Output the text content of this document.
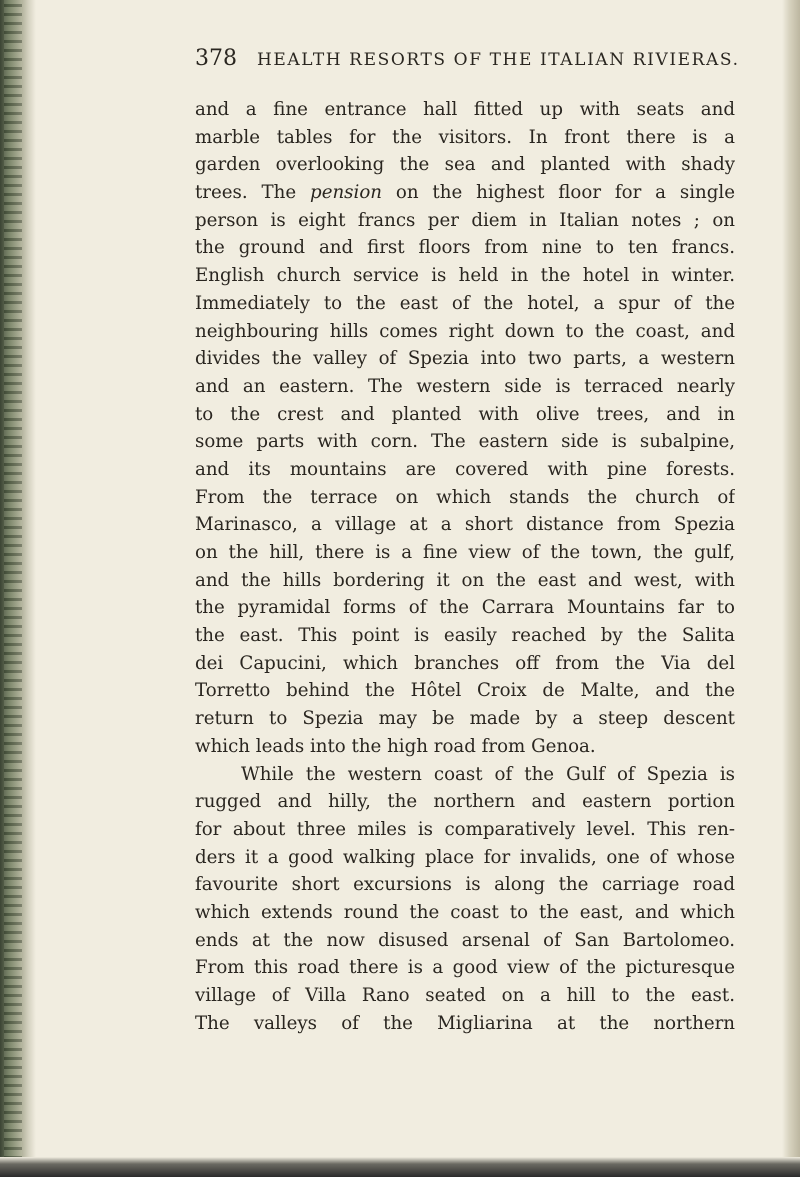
378 HEALTH RESORTS OF THE ITALIAN RIVIERAS.
and a fine entrance hall fitted up with seats and
marble tables for the visitors. In front there is a
garden overlooking the sea and planted with shady
trees. The pension on the highest floor for a single
person is eight francs per diem in Italian notes ; on
the ground and first floors from nine to ten francs.
English church service is held in the hotel in winter.
Immediately to the east of the hotel, a spur of the
neighbouring hills comes right down to the coast, and
divides the valley of Spezia into two parts, a western
and an eastern. The western side is terraced nearly
to the crest and planted with olive trees, and in
some parts with corn. The eastern side is subalpine,
and its mountains are covered with pine forests.
From the terrace on which stands the church of
Marinasco, a village at a short distance from Spezia
on the hill, there is a fine view of the town, the gulf,
and the hills bordering it on the east and west, with
the pyramidal forms of the Carrara Mountains far to
the east. This point is easily reached by the Salita
dei Capucini, which branches off from the Via del
Torretto behind the Hôtel Croix de Malte, and the
return to Spezia may be made by a steep descent
which leads into the high road from Genoa.
While the western coast of the Gulf of Spezia is
rugged and hilly, the northern and eastern portion
for about three miles is comparatively level. This ren-
ders it a good walking place for invalids, one of whose
favourite short excursions is along the carriage road
which extends round the coast to the east, and which
ends at the now disused arsenal of San Bartolomeo.
From this road there is a good view of the picturesque
village of Villa Rano seated on a hill to the east.
The valleys of the Migliarina at the northern
